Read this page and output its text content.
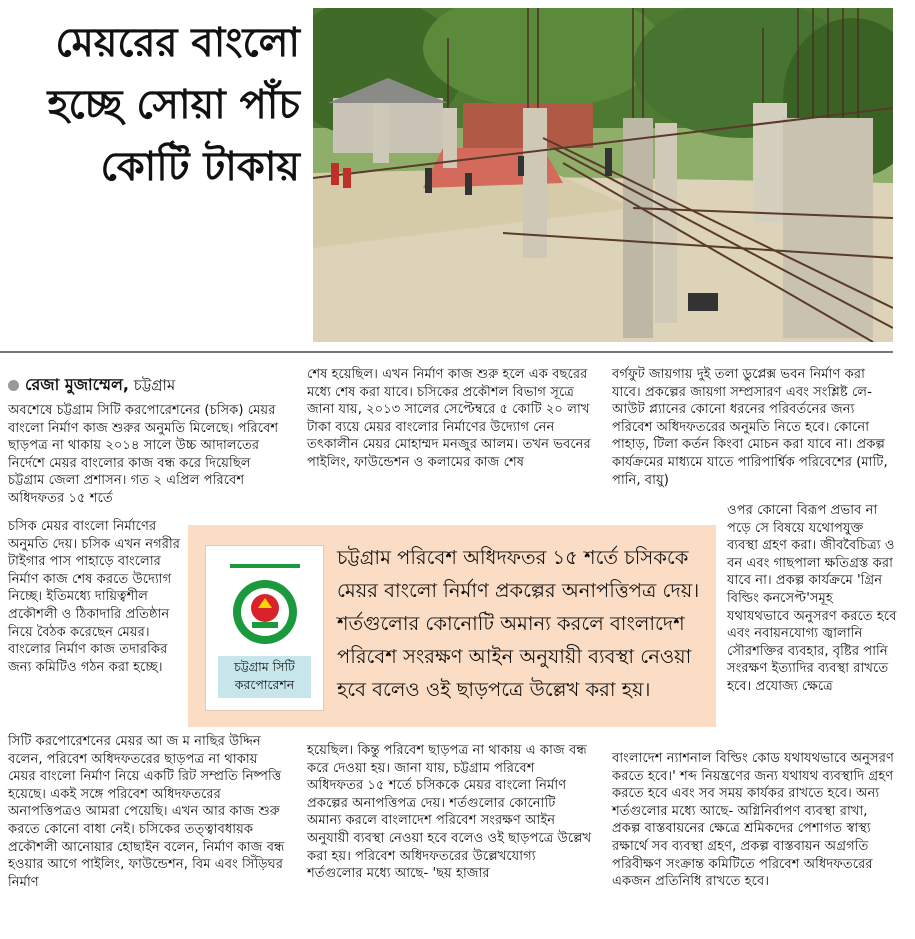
মেয়রের বাংলো
হচ্ছে সোয়া পাঁচ
কোটি টাকায়
রেজা মুজাম্মেল, চট্টগ্রাম

অবশেষে চট্টগ্রাম সিটি করপোরেশনের (চসিক) মেয়র বাংলো নির্মাণ কাজ শুরুর অনুমতি মিলেছে। পরিবেশ ছাড়পত্র না থাকায় ২০১৪ সালে উচ্চ আদালতের নির্দেশে মেয়র বাংলোর কাজ বন্ধ করে দিয়েছিল চট্টগ্রাম জেলা প্রশাসন। গত ২ এপ্রিল পরিবেশ অধিদফতর ১৫ শর্তে

চসিক মেয়র বাংলো নির্মাণের অনুমতি দেয়। চসিক এখন নগরীর টাইগার পাস পাহাড়ে বাংলোর নির্মাণ কাজ শেষ করতে উদ্যোগ নিচ্ছে। ইতিমধ্যে দায়িত্বশীল প্রকৌশলী ও ঠিকাদারি প্রতিষ্ঠান নিয়ে বৈঠক করেছেন মেয়র। বাংলোর নির্মাণ কাজ তদারকির জন্য কমিটিও গঠন করা হচ্ছে।

সিটি করপোরেশনের মেয়র আ জ ম নাছির উদ্দিন বলেন, পরিবেশ অধিদফতরের ছাড়পত্র না থাকায় মেয়র বাংলো নির্মাণ নিয়ে একটি রিট সম্প্রতি নিষ্পত্তি হয়েছে। একই সঙ্গে পরিবেশ অধিদফতরের অনাপত্তিপত্রও আমরা পেয়েছি। এখন আর কাজ শুরু করতে কোনো বাধা নেই। চসিকের তত্ত্বাবধায়ক প্রকৌশলী আনোয়ার হোছাইন বলেন, নির্মাণ কাজ বন্ধ হওয়ার আগে পাইলিং, ফাউন্ডেশন, বিম এবং সিঁড়িঘর নির্মাণ

শেষ হয়েছিল। এখন নির্মাণ কাজ শুরু হলে এক বছরের মধ্যে শেষ করা যাবে। চসিকের প্রকৌশল বিভাগ সূত্রে জানা যায়, ২০১৩ সালের সেপ্টেম্বরে ৫ কোটি ২০ লাখ টাকা ব্যয়ে মেয়র বাংলোর নির্মাণের উদ্যোগ নেন তৎকালীন মেয়র মোহাম্মদ মনজুর আলম। তখন ভবনের পাইলিং, ফাউন্ডেশন ও কলামের কাজ শেষ

হয়েছিল। কিন্তু পরিবেশ ছাড়পত্র না থাকায় এ কাজ বন্ধ করে দেওয়া হয়। জানা যায়, চট্টগ্রাম পরিবেশ অধিদফতর ১৫ শর্তে চসিককে মেয়র বাংলো নির্মাণ প্রকল্পের অনাপত্তিপত্র দেয়। শর্তগুলোর কোনোটি অমান্য করলে বাংলাদেশ পরিবেশ সংরক্ষণ আইন অনুযায়ী ব্যবস্থা নেওয়া হবে বলেও ওই ছাড়পত্রে উল্লেখ করা হয়। পরিবেশ অধিদফতরের উল্লেখযোগ্য শর্তগুলোর মধ্যে আছে- 'ছয় হাজার

বর্গফুট জায়গায় দুই তলা ডুপ্লেক্স ভবন নির্মাণ করা যাবে। প্রকল্পের জায়গা সম্প্রসারণ এবং সংশ্লিষ্ট লে-আউট প্ল্যানের কোনো ধরনের পরিবর্তনের জন্য পরিবেশ অধিদফতরের অনুমতি নিতে হবে। কোনো পাহাড়, টিলা কর্তন কিংবা মোচন করা যাবে না। প্রকল্প কার্যক্রমের মাধ্যমে যাতে পারিপার্শ্বিক পরিবেশের (মাটি, পানি, বায়ু)

ওপর কোনো বিরূপ প্রভাব না পড়ে সে বিষয়ে যথোপযুক্ত ব্যবস্থা গ্রহণ করা। জীববৈচিত্র্য ও বন এবং গাছপালা ক্ষতিগ্রস্ত করা যাবে না। প্রকল্প কার্যক্রমে 'গ্রিন বিল্ডিং কনসেপ্ট'সমূহ যথাযথভাবে অনুসরণ করতে হবে এবং নবায়নযোগ্য জ্বালানি সৌরশক্তির ব্যবহার, বৃষ্টির পানি সংরক্ষণ ইত্যাদির ব্যবস্থা রাখতে হবে। প্রযোজ্য ক্ষেত্রে

বাংলাদেশ ন্যাশনাল বিল্ডিং কোড যথাযথভাবে অনুসরণ করতে হবে।' শব্দ নিয়ন্ত্রণের জন্য যথাযথ ব্যবস্থাদি গ্রহণ করতে হবে এবং সব সময় কার্যকর রাখতে হবে। অন্য শর্তগুলোর মধ্যে আছে- অগ্নিনির্বাপণ ব্যবস্থা রাখা, প্রকল্প বাস্তবায়নের ক্ষেত্রে শ্রমিকদের পেশাগত স্বাস্থ্য রক্ষার্থে সব ব্যবস্থা গ্রহণ, প্রকল্প বাস্তবায়ন অগ্রগতি পরিবীক্ষণ সংক্রান্ত কমিটিতে পরিবেশ অধিদফতরের একজন প্রতিনিধি রাখতে হবে।

চট্টগ্রাম সিটি করপোরেশন

চট্টগ্রাম পরিবেশ অধিদফতর ১৫ শর্তে চসিককে মেয়র বাংলো নির্মাণ প্রকল্পের অনাপত্তিপত্র দেয়। শর্তগুলোর কোনোটি অমান্য করলে বাংলাদেশ পরিবেশ সংরক্ষণ আইন অনুযায়ী ব্যবস্থা নেওয়া হবে বলেও ওই ছাড়পত্রে উল্লেখ করা হয়।
